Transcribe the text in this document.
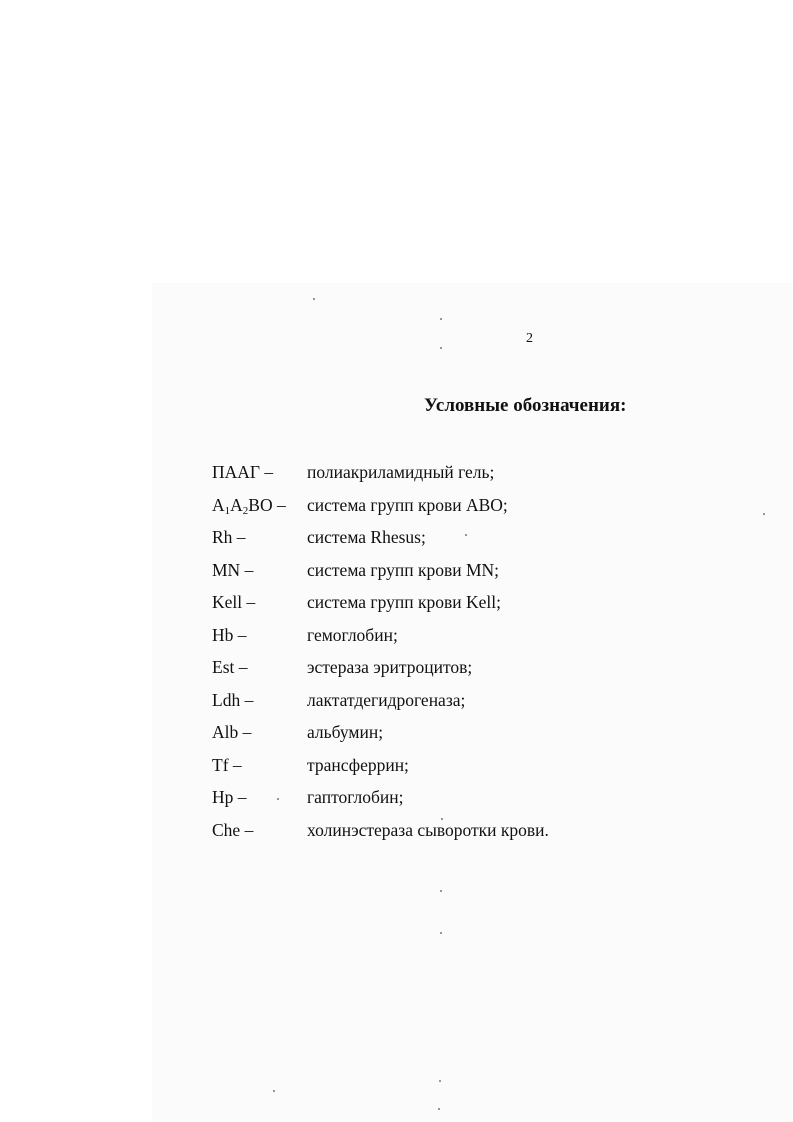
2
Условные обозначения:
ПААГ –	полиакриламидный гель;
$A_1A_2BO$ –	система групп крови АВО;
Rh –	система Rhesus;
MN –	система групп крови MN;
Kell –	система групп крови Kell;
Hb –	гемоглобин;
Est –	эстераза эритроцитов;
Ldh –	лактатдегидрогеназа;
Alb –	альбумин;
Tf –	трансферрин;
Hp –	гаптоглобин;
Che –	холинэстераза сыворотки крови.
